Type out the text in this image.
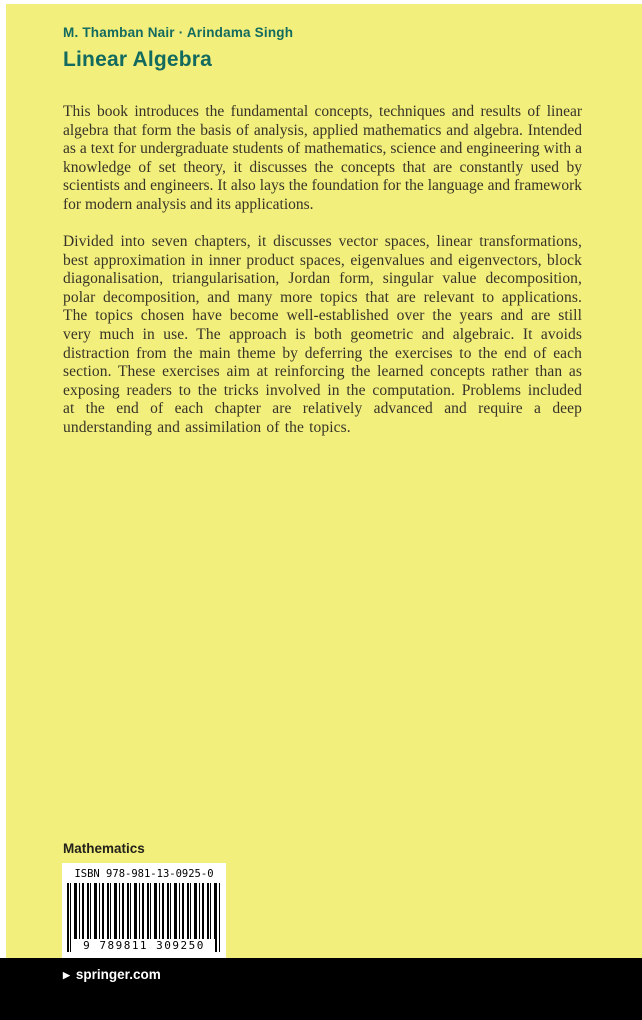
M. Thamban Nair · Arindama Singh
Linear Algebra

This book introduces the fundamental concepts, techniques and results of linear algebra that form the basis of analysis, applied mathematics and algebra. Intended as a text for undergraduate students of mathematics, science and engineering with a knowledge of set theory, it discusses the concepts that are constantly used by scientists and engineers. It also lays the foundation for the language and framework for modern analysis and its applications.

Divided into seven chapters, it discusses vector spaces, linear transformations, best approximation in inner product spaces, eigenvalues and eigenvectors, block diagonalisation, triangularisation, Jordan form, singular value decomposition, polar decomposition, and many more topics that are relevant to applications. The topics chosen have become well-established over the years and are still very much in use. The approach is both geometric and algebraic. It avoids distraction from the main theme by deferring the exercises to the end of each section. These exercises aim at reinforcing the learned concepts rather than as exposing readers to the tricks involved in the computation. Problems included at the end of each chapter are relatively advanced and require a deep understanding and assimilation of the topics.

Mathematics
ISBN 978-981-13-0925-0
9 789811 309250
▶ springer.com
